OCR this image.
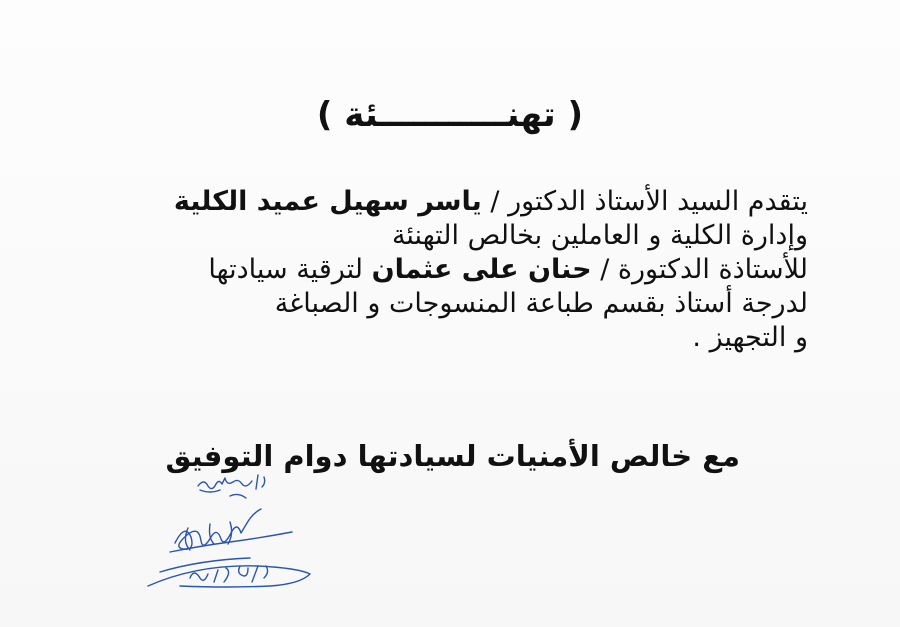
( تهنـــــــــــئة )
يتقدم السيد الأستاذ الدكتور / ياسر سهيل عميد الكلية
وإدارة الكلية و العاملين بخالص التهنئة
للأستاذة الدكتورة / حنان على عثمان لترقية سيادتها
لدرجة أستاذ بقسم طباعة المنسوجات و الصباغة
و التجهيز .
مع خالص الأمنيات لسيادتها دوام التوفيق
